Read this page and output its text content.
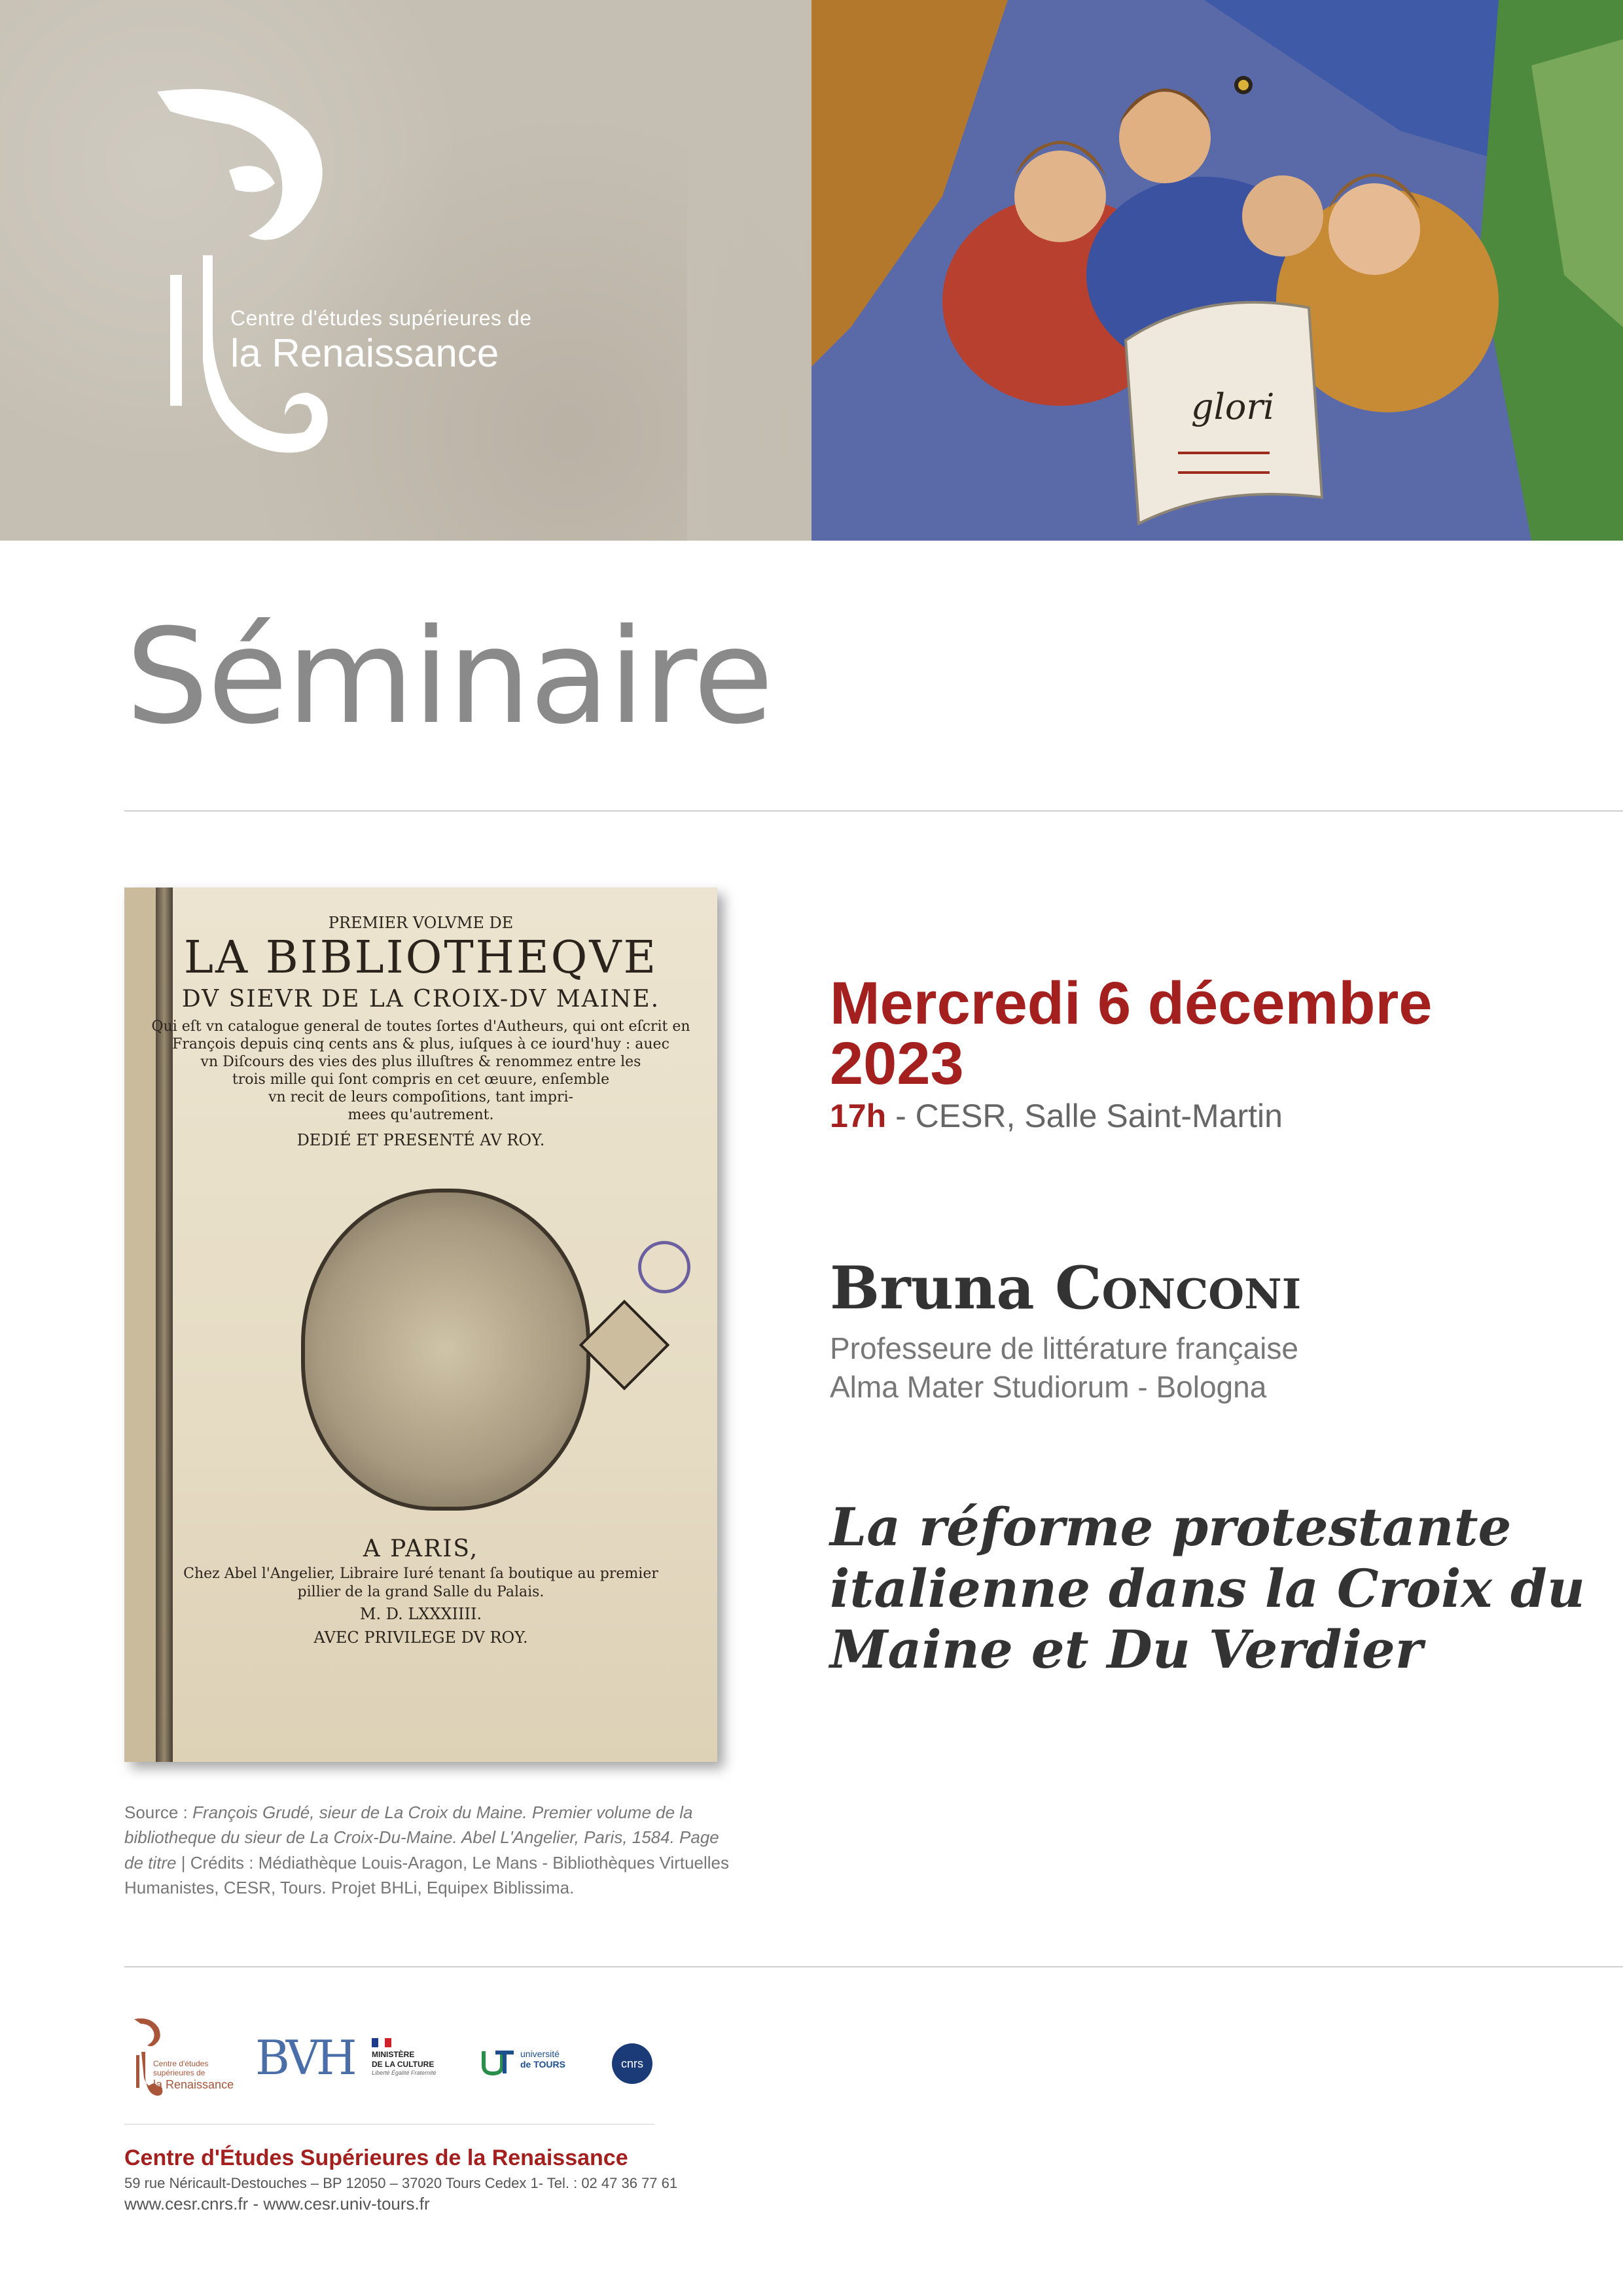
glori
Centre d'études supérieures de
la Renaissance
Séminaire
PREMIER VOLVME DE
LA BIBLIOTHEQVE
DV SIEVR DE LA CROIX-DV MAINE.
Qui eſt vn catalogue general de toutes ſortes d'Autheurs, qui ont eſcrit en
François depuis cinq cents ans & plus, iuſques à ce iourd'huy : auec
vn Diſcours des vies des plus illuſtres & renommez entre les
trois mille qui ſont compris en cet œuure, enſemble
vn recit de leurs compoſitions, tant impri-
mees qu'autrement.
DEDIÉ ET PRESENTÉ AV ROY.
A PARIS,
Chez Abel l'Angelier, Libraire Iuré tenant ſa boutique au premier
pillier de la grand Salle du Palais.
M. D. LXXXIIII.
AVEC PRIVILEGE DV ROY.
Source : François Grudé, sieur de La Croix du Maine. Premier volume de la bibliotheque du sieur de La Croix-Du-Maine. Abel L'Angelier, Paris, 1584. Page de titre | Crédits : Médiathèque Louis-Aragon, Le Mans - Bibliothèques Virtuelles Humanistes, CESR, Tours. Projet BHLi, Equipex Biblissima.
Mercredi 6 décembre 2023
17h - CESR, Salle Saint-Martin
Bruna Conconi
Professeure de littérature française
Alma Mater Studiorum - Bologna
La réforme protestante italienne dans la Croix du Maine et Du Verdier
Centre d'études supérieures de
la Renaissance BVH MINISTÈRE
DE LA CULTURE
Liberté Égalité Fraternité
université
de TOURS	cnrs
Centre d'Études Supérieures de la Renaissance
59 rue Néricault-Destouches – BP 12050 – 37020 Tours Cedex 1- Tel. : 02 47 36 77 61
www.cesr.cnrs.fr - www.cesr.univ-tours.fr
